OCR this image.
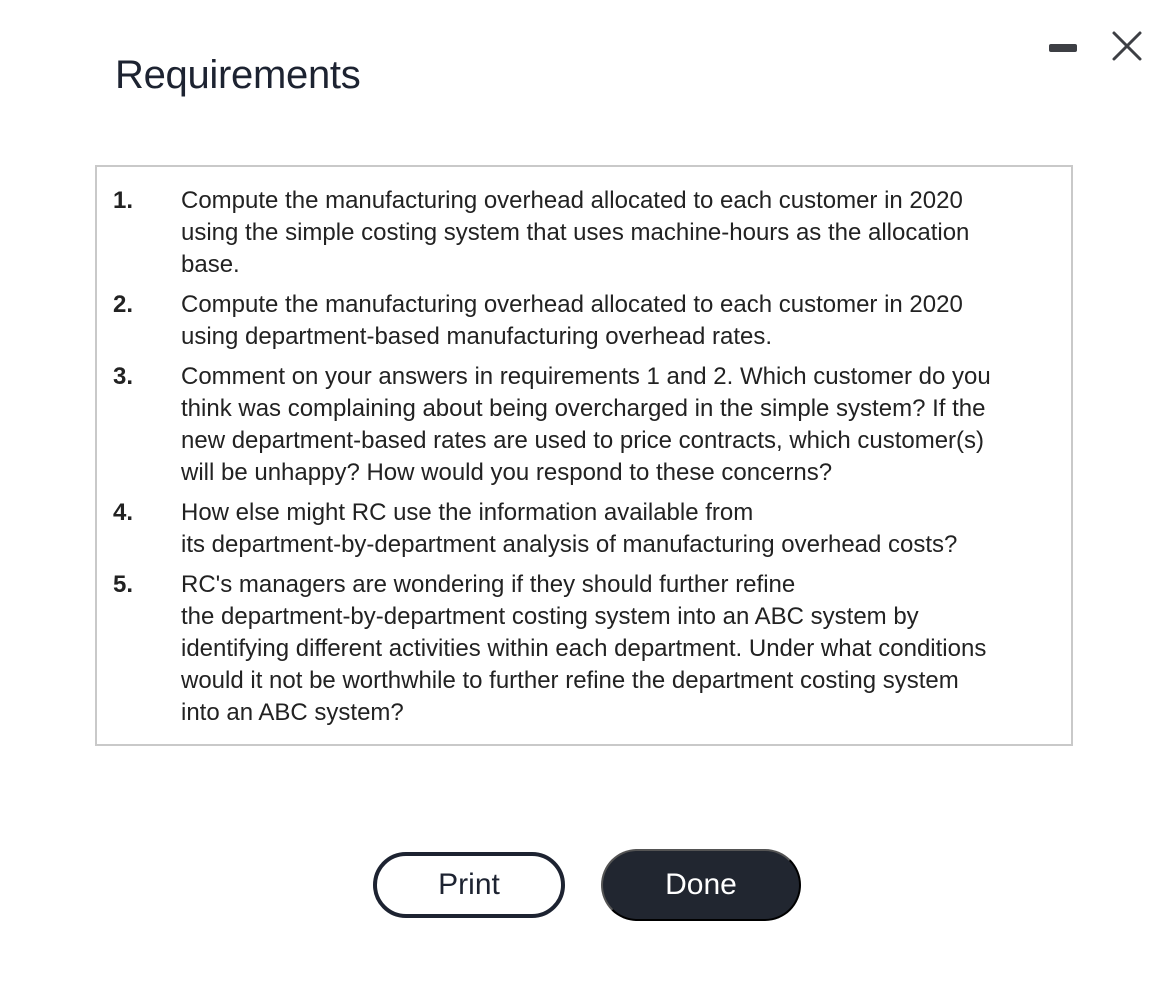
Requirements
1.	Compute the manufacturing overhead allocated to each customer in 2020
using the simple costing system that uses machine-hours as the allocation
base.
2.	Compute the manufacturing overhead allocated to each customer in 2020
using department-based manufacturing overhead rates.
3.	Comment on your answers in requirements 1 and 2. Which customer do you
think was complaining about being overcharged in the simple system? If the
new department-based rates are used to price contracts, which customer(s)
will be unhappy? How would you respond to these concerns?
4.	How else might RC use the information available from
its department-by-department analysis of manufacturing overhead costs?
5.	RC's managers are wondering if they should further refine
the department-by-department costing system into an ABC system by
identifying different activities within each department. Under what conditions
would it not be worthwhile to further refine the department costing system
into an ABC system?
Print	Done
